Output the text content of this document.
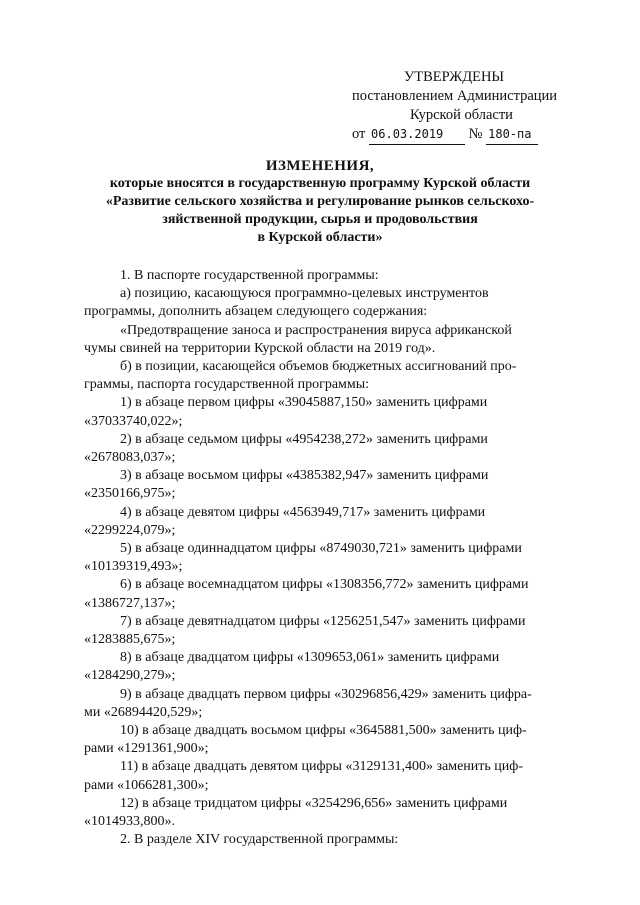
УТВЕРЖДЕНЫ
постановлением Администрации
Курской области
от 06.03.2019 № 180-па
ИЗМЕНЕНИЯ,
которые вносятся в государственную программу Курской области
«Развитие сельского хозяйства и регулирование рынков сельскохо-
зяйственной продукции, сырья и продовольствия
в Курской области»

1. В паспорте государственной программы:

а) позицию, касающуюся программно-целевых инструментов

программы, дополнить абзацем следующего содержания:

«Предотвращение заноса и распространения вируса африканской

чумы свиней на территории Курской области на 2019 год».

б) в позиции, касающейся объемов бюджетных ассигнований про-

граммы, паспорта государственной программы:

1) в абзаце первом цифры «39045887,150» заменить цифрами

«37033740,022»;

2) в абзаце седьмом цифры «4954238,272» заменить цифрами

«2678083,037»;

3) в абзаце восьмом цифры «4385382,947» заменить цифрами

«2350166,975»;

4) в абзаце девятом цифры «4563949,717» заменить цифрами

«2299224,079»;

5) в абзаце одиннадцатом цифры «8749030,721» заменить цифрами

«10139319,493»;

6) в абзаце восемнадцатом цифры «1308356,772» заменить цифрами

«1386727,137»;

7) в абзаце девятнадцатом цифры «1256251,547» заменить цифрами

«1283885,675»;

8) в абзаце двадцатом цифры «1309653,061» заменить цифрами

«1284290,279»;

9) в абзаце двадцать первом цифры «30296856,429» заменить цифра-

ми «26894420,529»;

10) в абзаце двадцать восьмом цифры «3645881,500» заменить циф-

рами «1291361,900»;

11) в абзаце двадцать девятом цифры «3129131,400» заменить циф-

рами «1066281,300»;

12) в абзаце тридцатом цифры «3254296,656» заменить цифрами

«1014933,800».

2. В разделе XIV государственной программы:
